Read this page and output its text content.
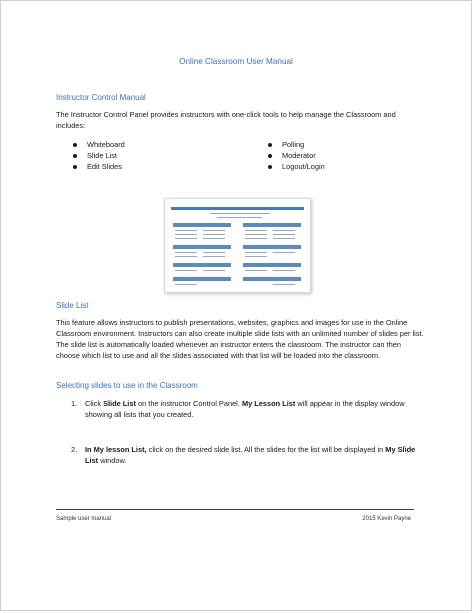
Online Classroom User Manual
Instructor Control Manual
The Instructor Control Panel provides instructors with one-click tools to help manage the Classroom and includes:
Whiteboard	Polling
Slide List	Moderator
Edit Slides	Logout/Login
Slide List
This feature allows instructors to publish presentations, websites, graphics and images for use in the Online Classroom environment. Instructors can also create multiple slide lists with an unlimited number of slides per list. The slide list is automatically loaded whenever an instructor enters the classroom. The instructor can then choose which list to use and all the slides associated with that list will be loaded into the classroom.
Selecting slides to use in the Classroom
1.	Click Slide List on the instructor Control Panel. My Lesson List will appear in the display window showing all lists that you created.
2.	In My lesson List, click on the desired slide list. All the slides for the list will be displayed in My Slide List window.
Sample user manual	2015 Kevin Payne
